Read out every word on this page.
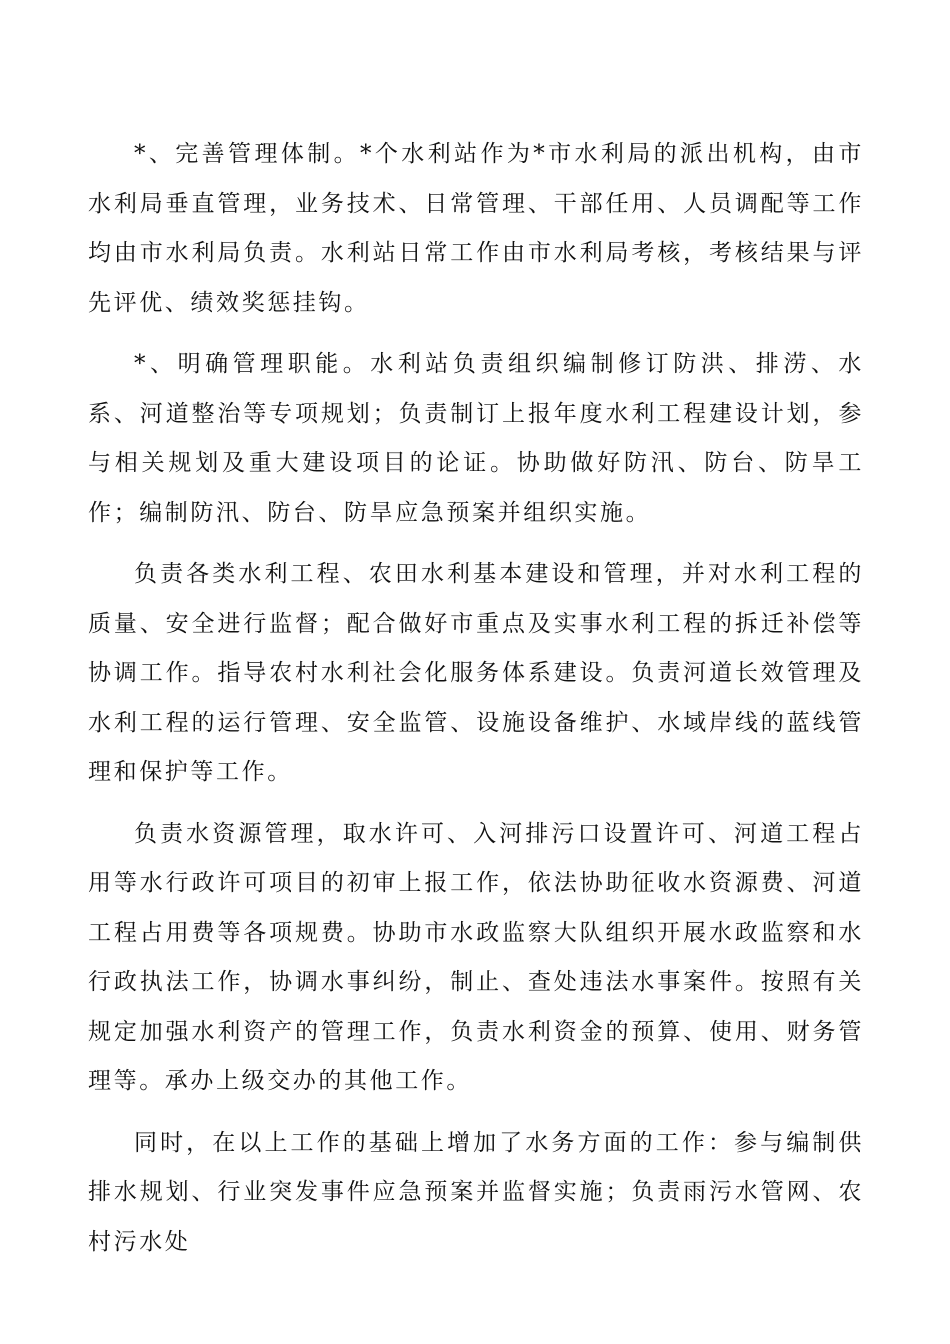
*、完善管理体制。*个水利站作为*市水利局的派出机构，由市水利局垂直管理，业务技术、日常管理、干部任用、人员调配等工作均由市水利局负责。水利站日常工作由市水利局考核，考核结果与评先评优、绩效奖惩挂钩。

*、明确管理职能。水利站负责组织编制修订防洪、排涝、水系、河道整治等专项规划；负责制订上报年度水利工程建设计划，参与相关规划及重大建设项目的论证。协助做好防汛、防台、防旱工作；编制防汛、防台、防旱应急预案并组织实施。

负责各类水利工程、农田水利基本建设和管理，并对水利工程的质量、安全进行监督；配合做好市重点及实事水利工程的拆迁补偿等协调工作。指导农村水利社会化服务体系建设。负责河道长效管理及水利工程的运行管理、安全监管、设施设备维护、水域岸线的蓝线管理和保护等工作。

负责水资源管理，取水许可、入河排污口设置许可、河道工程占用等水行政许可项目的初审上报工作，依法协助征收水资源费、河道工程占用费等各项规费。协助市水政监察大队组织开展水政监察和水行政执法工作，协调水事纠纷，制止、查处违法水事案件。按照有关规定加强水利资产的管理工作，负责水利资金的预算、使用、财务管理等。承办上级交办的其他工作。

同时，在以上工作的基础上增加了水务方面的工作：参与编制供排水规划、行业突发事件应急预案并监督实施；负责雨污水管网、农村污水处
